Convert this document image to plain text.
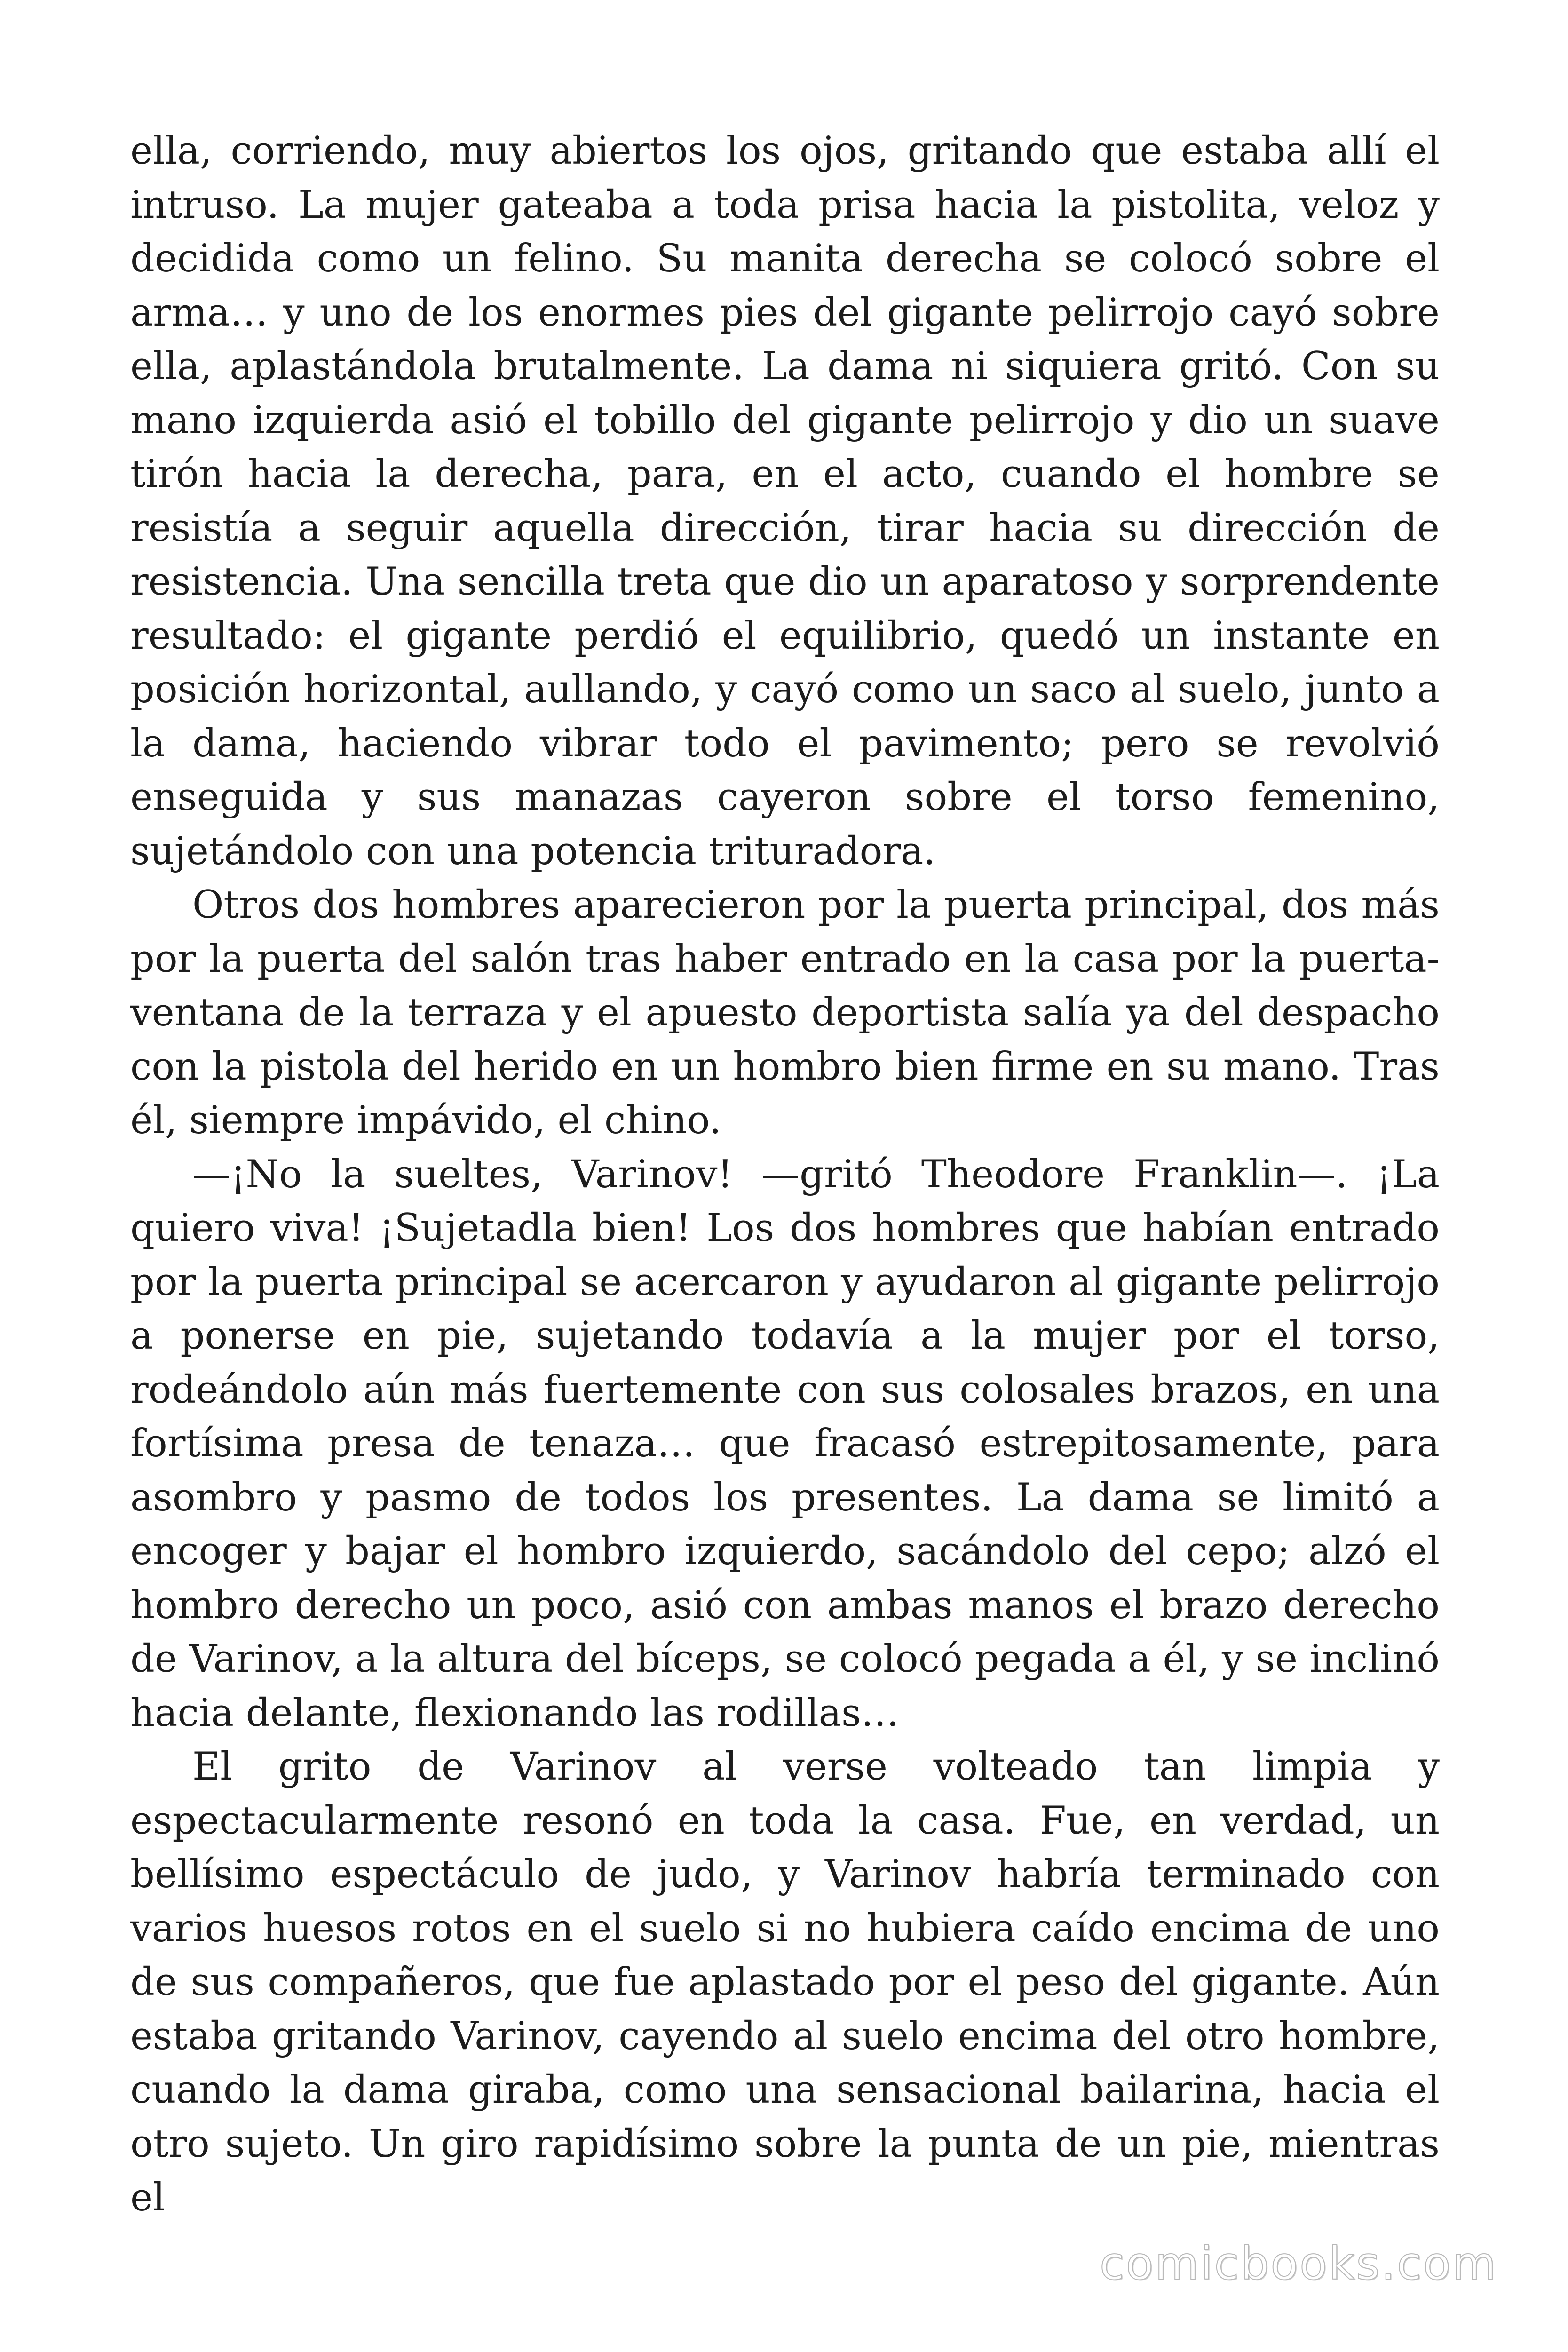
ella, corriendo, muy abiertos los ojos, gritando que estaba allí el intruso. La mujer gateaba a toda prisa hacia la pistolita, veloz y decidida como un felino. Su manita derecha se colocó sobre el arma… y uno de los enormes pies del gigante pelirrojo cayó sobre ella, aplastándola brutalmente. La dama ni siquiera gritó. Con su mano izquierda asió el tobillo del gigante pelirrojo y dio un suave tirón hacia la derecha, para, en el acto, cuando el hombre se resistía a seguir aquella dirección, tirar hacia su dirección de resistencia. Una sencilla treta que dio un aparatoso y sorprendente resultado: el gigante perdió el equilibrio, quedó un instante en posición horizontal, aullando, y cayó como un saco al suelo, junto a la dama, haciendo vibrar todo el pavimento; pero se revolvió enseguida y sus manazas cayeron sobre el torso femenino, sujetándolo con una potencia trituradora.

Otros dos hombres aparecieron por la puerta principal, dos más por la puerta del salón tras haber entrado en la casa por la puerta-ventana de la terraza y el apuesto deportista salía ya del despacho con la pistola del herido en un hombro bien firme en su mano. Tras él, siempre impávido, el chino.

—¡No la sueltes, Varinov! —gritó Theodore Franklin—. ¡La quiero viva! ¡Sujetadla bien! Los dos hombres que habían entrado por la puerta principal se acercaron y ayudaron al gigante pelirrojo a ponerse en pie, sujetando todavía a la mujer por el torso, rodeándolo aún más fuertemente con sus colosales brazos, en una fortísima presa de tenaza… que fracasó estrepitosamente, para asombro y pasmo de todos los presentes. La dama se limitó a encoger y bajar el hombro izquierdo, sacándolo del cepo; alzó el hombro derecho un poco, asió con ambas manos el brazo derecho de Varinov, a la altura del bíceps, se colocó pegada a él, y se inclinó hacia delante, flexionando las rodillas…

El grito de Varinov al verse volteado tan limpia y espectacularmente resonó en toda la casa. Fue, en verdad, un bellísimo espectáculo de judo, y Varinov habría terminado con varios huesos rotos en el suelo si no hubiera caído encima de uno de sus compañeros, que fue aplastado por el peso del gigante. Aún estaba gritando Varinov, cayendo al suelo encima del otro hombre, cuando la dama giraba, como una sensacional bailarina, hacia el otro sujeto. Un giro rapidísimo sobre la punta de un pie, mientras el

comicbooks.com
